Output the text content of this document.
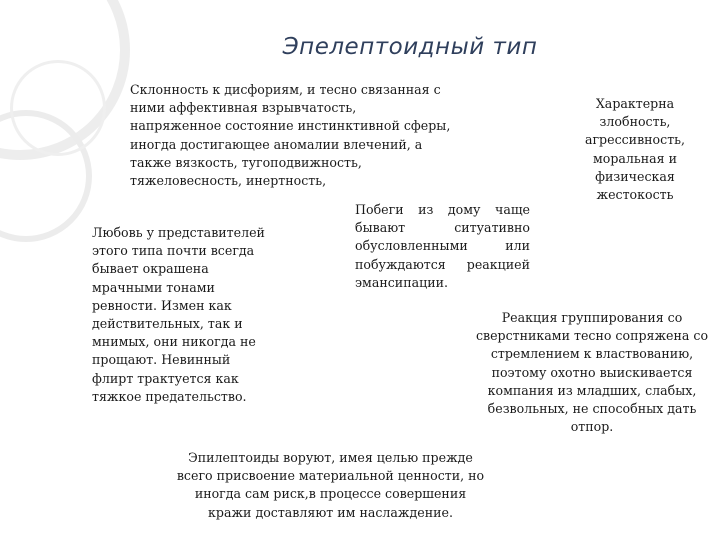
Эпелептоидный тип
Склонность к дисфориям, и тесно связанная с
ними аффективная взрывчатость,
напряженное состояние инстинктивной сферы,
иногда достигающее аномалии влечений, а
также вязкость, тугоподвижность,
тяжеловесность, инертность,
Любовь у представителей
этого типа почти всегда
бывает окрашена
мрачными тонами
ревности. Измен как
действительных, так и
мнимых, они никогда не
прощают. Невинный
флирт трактуется как
тяжкое предательство.
Побеги из дому чаще бывают ситуативно обусловленными или побуждаются реакцией эмансипации.
Характерна
злобность,
агрессивность,
моральная и
физическая
жестокость
Реакция группирования со
сверстниками тесно сопряжена со
стремлением к властвованию,
поэтому охотно выискивается
компания из младших, слабых,
безвольных, не способных дать
отпор.
Эпилептоиды воруют, имея целью прежде
всего присвоение материальной ценности, но
иногда сам риск,в процессе совершения
кражи доставляют им наслаждение.
